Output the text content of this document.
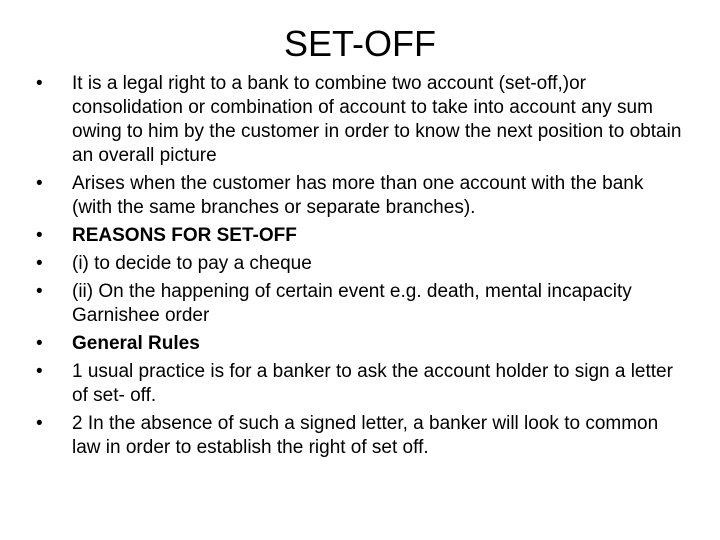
SET-OFF
•	It is a legal right to a bank to combine two account (set-off,)or consolidation or combination of account to take into account any sum owing to him by the customer in order to know the next position to obtain an overall picture
•	Arises when the customer has more than one account with the bank (with the same branches or separate branches).
•	REASONS FOR SET-OFF
•	(i) to decide to pay a cheque
•	(ii) On the happening of certain event e.g. death, mental incapacity Garnishee order
•	General Rules
•	1 usual practice is for a banker to ask the account holder to sign a letter of set- off.
•	2 In the absence of such a signed letter, a banker will look to common law in order to establish the right of set off.
